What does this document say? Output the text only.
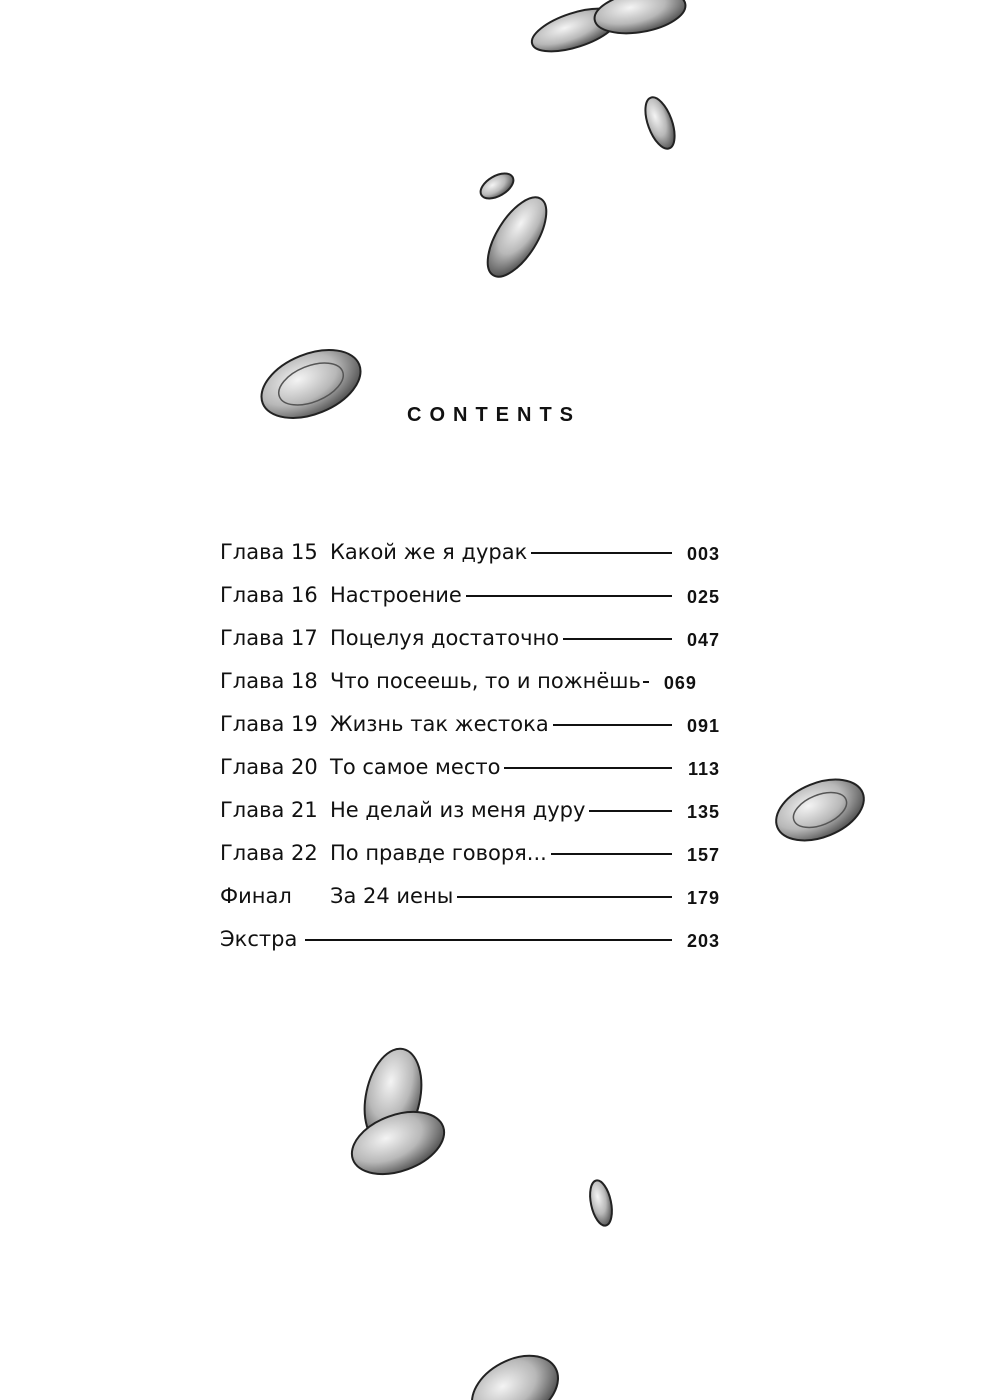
CONTENTS
Глава 15 Какой же я дурак	003
Глава 16 Настроение	025
Глава 17 Поцелуя достаточно	047
Глава 18 Что посеешь, то и пожнёшь 069
Глава 19 Жизнь так жестока	091
Глава 20 То самое место	113
Глава 21 Не делай из меня дуру	135
Глава 22 По правде говоря...	157
Финал	За 24 иены	179
Экстра	203
